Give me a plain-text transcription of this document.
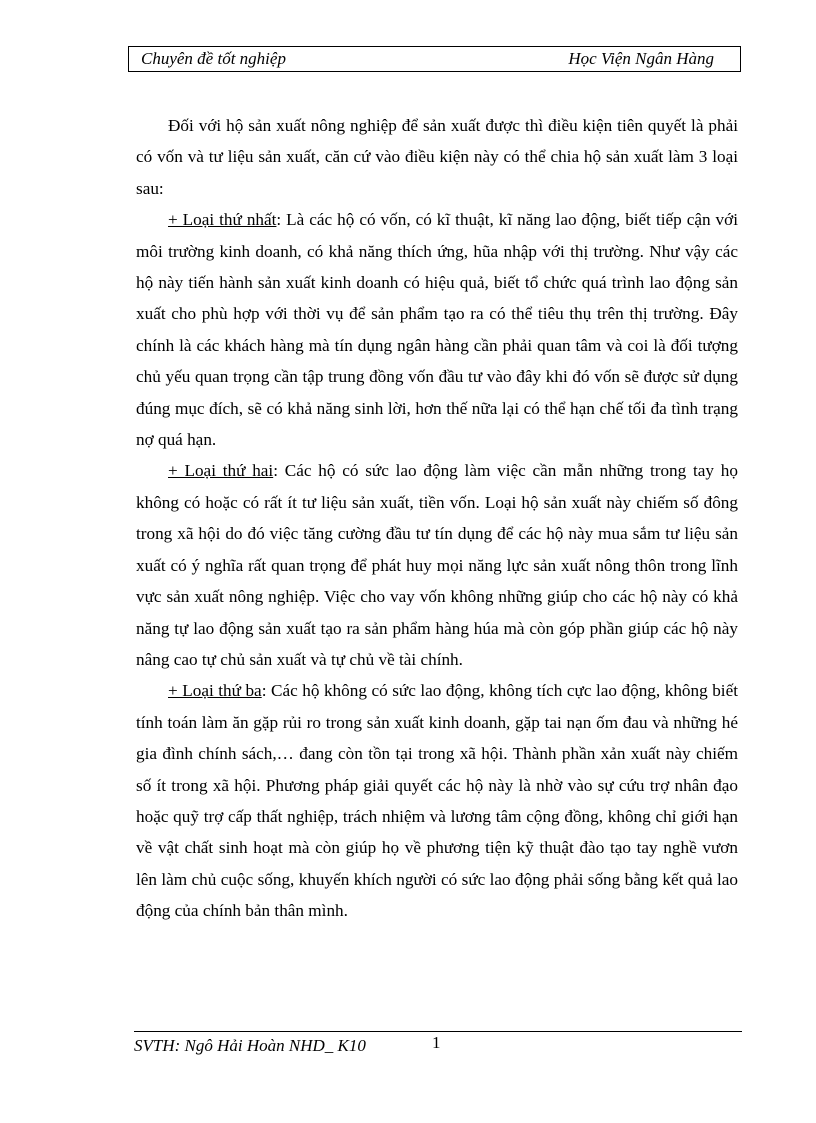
Chuyên đề tốt nghiệp	Học Viện Ngân Hàng

Đối với hộ sản xuất nông nghiệp để sản xuất được thì điều kiện tiên quyết là phải có vốn và tư liệu sản xuất, căn cứ vào điều kiện này có thể chia hộ sản xuất làm 3 loại sau:

+ Loại thứ nhất: Là các hộ có vốn, có kĩ thuật, kĩ năng lao động, biết tiếp cận với môi trường kinh doanh, có khả năng thích ứng, hũa nhập với thị trường. Như vậy các hộ này tiến hành sản xuất kinh doanh có hiệu quả, biết tổ chức quá trình lao động sản xuất cho phù hợp với thời vụ để sản phẩm tạo ra có thể tiêu thụ trên thị trường. Đây chính là các khách hàng mà tín dụng ngân hàng cần phải quan tâm và coi là đối tượng chủ yếu quan trọng cần tập trung đồng vốn đầu tư vào đây khi đó vốn sẽ được sử dụng đúng mục đích, sẽ có khả năng sinh lời, hơn thế nữa lại có thể hạn chế tối đa tình trạng nợ quá hạn.

+ Loại thứ hai: Các hộ có sức lao động làm việc cần mẫn những trong tay họ không có hoặc có rất ít tư liệu sản xuất, tiền vốn. Loại hộ sản xuất này chiếm số đông trong xã hội do đó việc tăng cường đầu tư tín dụng để các hộ này mua sắm tư liệu sản xuất có ý nghĩa rất quan trọng để phát huy mọi năng lực sản xuất nông thôn trong lĩnh vực sản xuất nông nghiệp. Việc cho vay vốn không những giúp cho các hộ này có khả năng tự lao động sản xuất tạo ra sản phẩm hàng húa mà còn góp phần giúp các hộ này nâng cao tự chủ sản xuất và tự chủ về tài chính.

+ Loại thứ ba: Các hộ không có sức lao động, không tích cực lao động, không biết tính toán làm ăn gặp rủi ro trong sản xuất kinh doanh, gặp tai nạn ốm đau và những hé gia đình chính sách,… đang còn tồn tại trong xã hội. Thành phần xản xuất này chiếm số ít trong xã hội. Phương pháp giải quyết các hộ này là nhờ vào sự cứu trợ nhân đạo hoặc quỹ trợ cấp thất nghiệp, trách nhiệm và lương tâm cộng đồng, không chỉ giới hạn về vật chất sinh hoạt mà còn giúp họ về phương tiện kỹ thuật đào tạo tay nghề vươn lên làm chủ cuộc sống, khuyến khích người có sức lao động phải sống bằng kết quả lao động của chính bản thân mình.

SVTH: Ngô Hải Hoàn NHD_ K10	1
